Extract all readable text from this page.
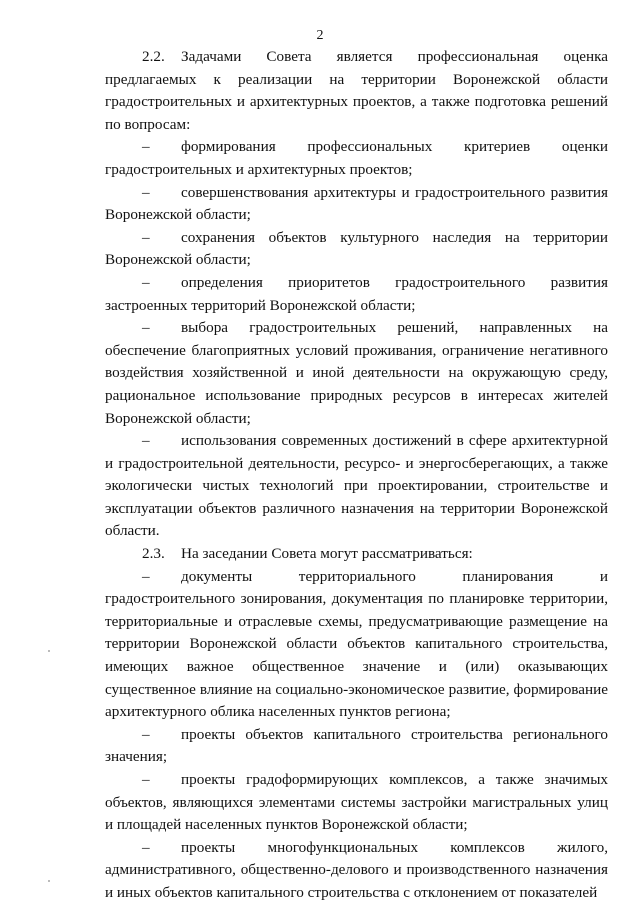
2

2.2. Задачами Совета является профессиональная оценка предлагаемых к реализации на территории Воронежской области градостроительных и архитектурных проектов, а также подготовка решений по вопросам:

– формирования профессиональных критериев оценки градостроительных и архитектурных проектов;

– совершенствования архитектуры и градостроительного развития Воронежской области;

– сохранения объектов культурного наследия на территории Воронежской области;

– определения приоритетов градостроительного развития застроенных территорий Воронежской области;

– выбора градостроительных решений, направленных на обеспечение благоприятных условий проживания, ограничение негативного воздействия хозяйственной и иной деятельности на окружающую среду, рациональное использование природных ресурсов в интересах жителей Воронежской области;

– использования современных достижений в сфере архитектурной и градостроительной деятельности, ресурсо- и энергосберегающих, а также экологически чистых технологий при проектировании, строительстве и эксплуатации объектов различного назначения на территории Воронежской области.

2.3. На заседании Совета могут рассматриваться:

– документы территориального планирования и градостроительного зонирования, документация по планировке территории, территориальные и отраслевые схемы, предусматривающие размещение на территории Воронежской области объектов капитального строительства, имеющих важное общественное значение и (или) оказывающих существенное влияние на социально-экономическое развитие, формирование архитектурного облика населенных пунктов региона;

– проекты объектов капитального строительства регионального значения;

– проекты градоформирующих комплексов, а также значимых объектов, являющихся элементами системы застройки магистральных улиц и площадей населенных пунктов Воронежской области;

– проекты многофункциональных комплексов жилого, административного, общественно-делового и производственного назначения и иных объектов капитального строительства с отклонением от показателей
